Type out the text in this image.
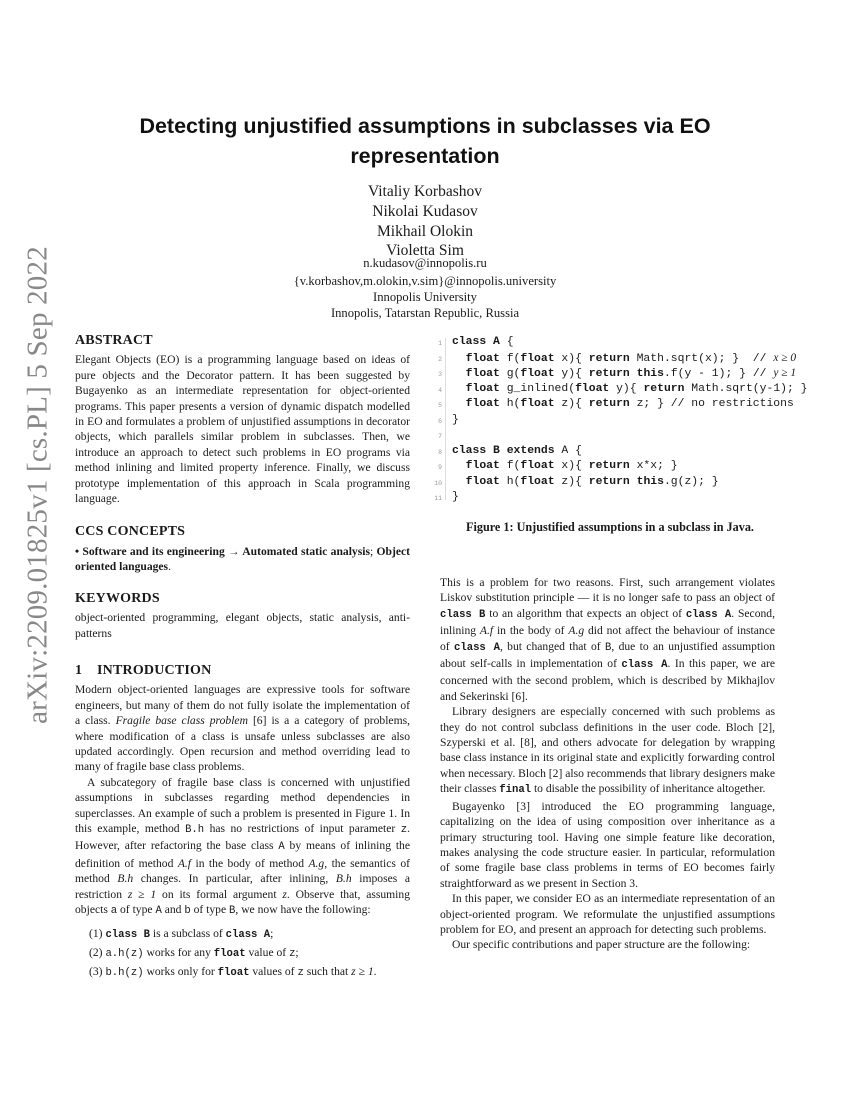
arXiv:2209.01825v1 [cs.PL] 5 Sep 2022
Detecting unjustified assumptions in subclasses via EO
representation
Vitaliy Korbashov
Nikolai Kudasov
Mikhail Olokin
Violetta Sim
n.kudasov@innopolis.ru
{v.korbashov,m.olokin,v.sim}@innopolis.university
Innopolis University
Innopolis, Tatarstan Republic, Russia
ABSTRACT

Elegant Objects (EO) is a programming language based on ideas of pure objects and the Decorator pattern. It has been suggested by Bugayenko as an intermediate representation for object-oriented programs. This paper presents a version of dynamic dispatch modelled in EO and formulates a problem of unjustified assumptions in decorator objects, which parallels similar problem in subclasses. Then, we introduce an approach to detect such problems in EO programs via method inlining and limited property inference. Finally, we discuss prototype implementation of this approach in Scala programming language.

CCS CONCEPTS

• Software and its engineering → Automated static analysis; Object oriented languages.

KEYWORDS

object-oriented programming, elegant objects, static analysis, anti-patterns

1 INTRODUCTION

Modern object-oriented languages are expressive tools for software engineers, but many of them do not fully isolate the implementation of a class. Fragile base class problem [6] is a a category of problems, where modification of a class is unsafe unless subclasses are also updated accordingly. Open recursion and method overriding lead to many of fragile base class problems.

A subcategory of fragile base class is concerned with unjustified assumptions in subclasses regarding method dependencies in superclasses. An example of such a problem is presented in Figure 1. In this example, method B.h has no restrictions of input parameter z. However, after refactoring the base class A by means of inlining the definition of method A.f in the body of method A.g, the semantics of method B.h changes. In particular, after inlining, B.h imposes a restriction z ≥ 1 on its formal argument z. Observe that, assuming objects a of type A and b of type B, we now have the following:

(1) class B is a subclass of class A;
(2) a.h(z) works for any float value of z;
(3) b.h(z) works only for float values of z such that z ≥ 1.
1 class A {
2	float f(float x){ return Math.sqrt(x); }  // x ≥ 0
3	float g(float y){ return this.f(y - 1); } // y ≥ 1
4	float g_inlined(float y){ return Math.sqrt(y-1); }
5	float h(float z){ return z; } // no restrictions
6 }
7
8 class B extends A {
9	float f(float x){ return x*x; }
10	float h(float z){ return this.g(z); }
11 }
Figure 1: Unjustified assumptions in a subclass in Java.

This is a problem for two reasons. First, such arrangement violates Liskov substitution principle — it is no longer safe to pass an object of class B to an algorithm that expects an object of class A. Second, inlining A.f in the body of A.g did not affect the behaviour of instance of class A, but changed that of B, due to an unjustified assumption about self-calls in implementation of class A. In this paper, we are concerned with the second problem, which is described by Mikhajlov and Sekerinski [6].

Library designers are especially concerned with such problems as they do not control subclass definitions in the user code. Bloch [2], Szyperski et al. [8], and others advocate for delegation by wrapping base class instance in its original state and explicitly forwarding control when necessary. Bloch [2] also recommends that library designers make their classes final to disable the possibility of inheritance altogether.

Bugayenko [3] introduced the EO programming language, capitalizing on the idea of using composition over inheritance as a primary structuring tool. Having one simple feature like decoration, makes analysing the code structure easier. In particular, reformulation of some fragile base class problems in terms of EO becomes fairly straightforward as we present in Section 3.

In this paper, we consider EO as an intermediate representation of an object-oriented program. We reformulate the unjustified assumptions problem for EO, and present an approach for detecting such problems.

Our specific contributions and paper structure are the following:
